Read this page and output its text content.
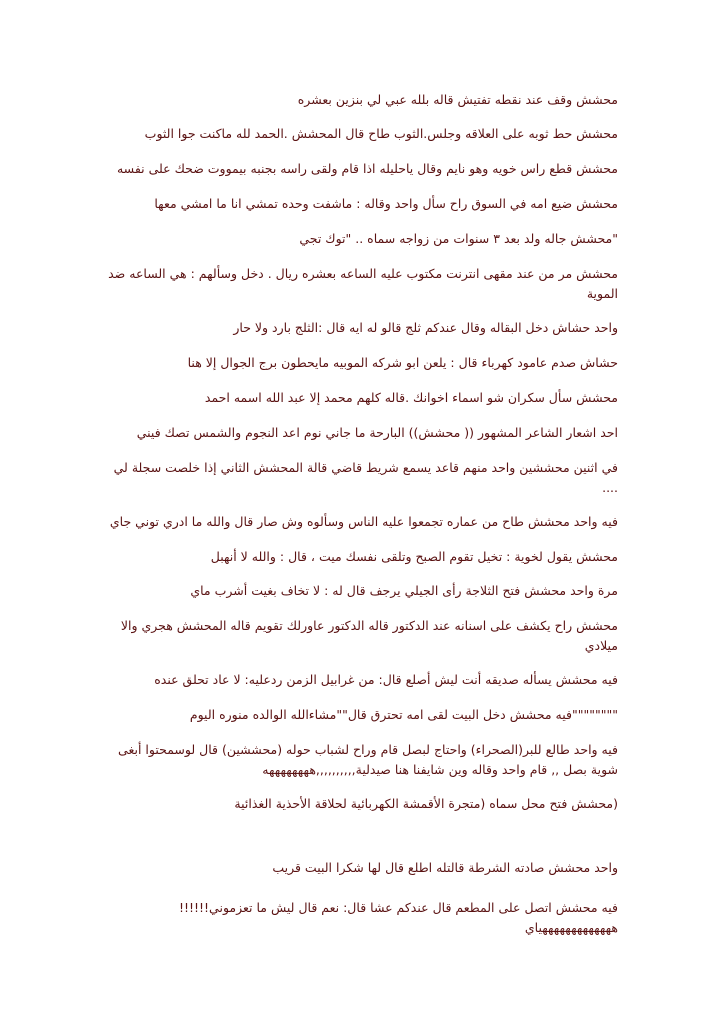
محشش وقف عند نقطه تفتيش قاله بلله عبي لي بنزين بعشره
محشش حط ثوبه على العلاقه وجلس.الثوب طاح قال المحشش .الحمد لله ماكنت جوا الثوب
محشش قطع راس خويه وهو نايم وقال ياحليله اذا قام ولقى راسه بجنبه بيمووت ضحك على نفسه
محشش ضيع امه في السوق راح سأل واحد وقاله : ماشفت وحده تمشي انا ما امشي معها
"محشش جاله ولد بعد ٣ سنوات من زواجه سماه .. "توك تجي
محشش مر من عند مقهى انترنت مكتوب عليه الساعه بعشره ريال . دخل وسألهم : هي الساعه ضد الموية
واحد حشاش دخل البقاله وقال عندكم ثلج قالو له ايه قال :الثلج بارد ولا حار
حشاش صدم عامود كهرباء قال : يلعن ابو شركه الموبيه مايحطون برج الجوال إلا هنا
محشش سأل سكران شو اسماء اخوانك .قاله كلهم محمد إلا عبد الله اسمه احمد
احد اشعار الشاعر المشهور (( محشش)) البارحة ما جاني نوم اعد النجوم والشمس تصك فيني
في اثنين محششين واحد منهم قاعد يسمع شريط قاضي قالة المحشش الثاني إذا خلصت سجلة لي ....
فيه واحد محشش طاح من عماره تجمعوا عليه الناس وسألوه وش صار قال والله ما ادري توني جاي
محشش يقول لخوية : تخيل تقوم الصبح وتلقى نفسك ميت ، قال : والله لا أنهبل
مرة واحد محشش فتح الثلاجة رأى الجيلي يرجف قال له : لا تخاف بغيت أشرب ماي
محشش راح يكشف على اسنانه عند الدكتور قاله الدكتور عاورلك تقويم قاله المحشش هجري والا ميلادي
فيه محشش يسأله صديقه أنت ليش أصلع قال: من غرابيل الزمن ردعليه: لا عاد تحلق عنده
""""""""فيه محشش دخل البيت لقى امه تحترق قال""مشاءالله الوالده منوره اليوم
فيه واحد طالع للبر(الصحراء) واحتاج لبصل قام وراح لشباب حوله (محششين) قال لوسمحتوا أبغى شوية بصل ,, قام واحد وقاله وين شايفنا هنا صيدلية,,,,,,,,,,ههههههههه
(محشش فتح محل سماه (متجرة الأقمشة الكهربائية لحلاقة الأحذية الغذائية
واحد محشش صادته الشرطة قالتله اطلع قال لها شكرا البيت قريب
فيه محشش اتصل على المطعم قال عندكم عشا قال: نعم قال ليش ما تعزموني!!!!!! هههههههههههههياي
